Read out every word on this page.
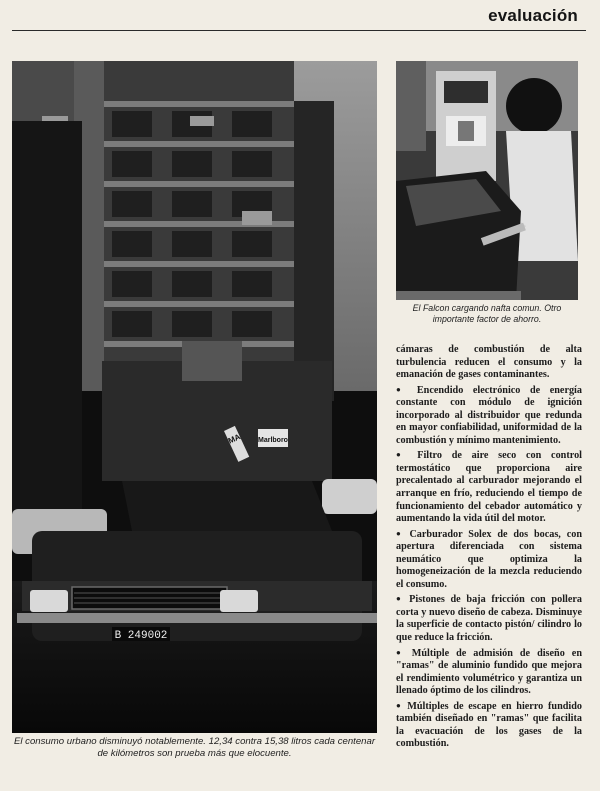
evaluación
Marlboro
MA
B 249002
El consumo urbano disminuyó notablemente. 12,34 contra 15,38 litros cada centenar de kilómetros son prueba más que elocuente.
El Falcon cargando nafta comun. Otro
importante factor de ahorro.

cámaras de combustión de alta turbulencia reducen el consumo y la emanación de gases contaminantes.

● Encendido electrónico de energía constante con módulo de ignición incorporado al distribuidor que redunda en mayor confiabilidad, uniformidad de la combustión y mínimo mantenimiento.

● Filtro de aire seco con control termostático que proporciona aire precalentado al carburador mejorando el arranque en frío, reduciendo el tiempo de funcionamiento del cebador automático y aumentando la vida útil del motor.

● Carburador Solex de dos bocas, con apertura diferenciada con sistema neumático que optimiza la homogeneización de la mezcla reduciendo el consumo.

● Pistones de baja fricción con pollera corta y nuevo diseño de cabeza. Disminuye la superficie de contacto pistón/ cilindro lo que reduce la fricción.

● Múltiple de admisión de diseño en "ramas" de aluminio fundido que mejora el rendimiento volumétrico y garantiza un llenado óptimo de los cilindros.

● Múltiples de escape en hierro fundido también diseñado en "ramas" que facilita la evacuación de los gases de la combustión.
